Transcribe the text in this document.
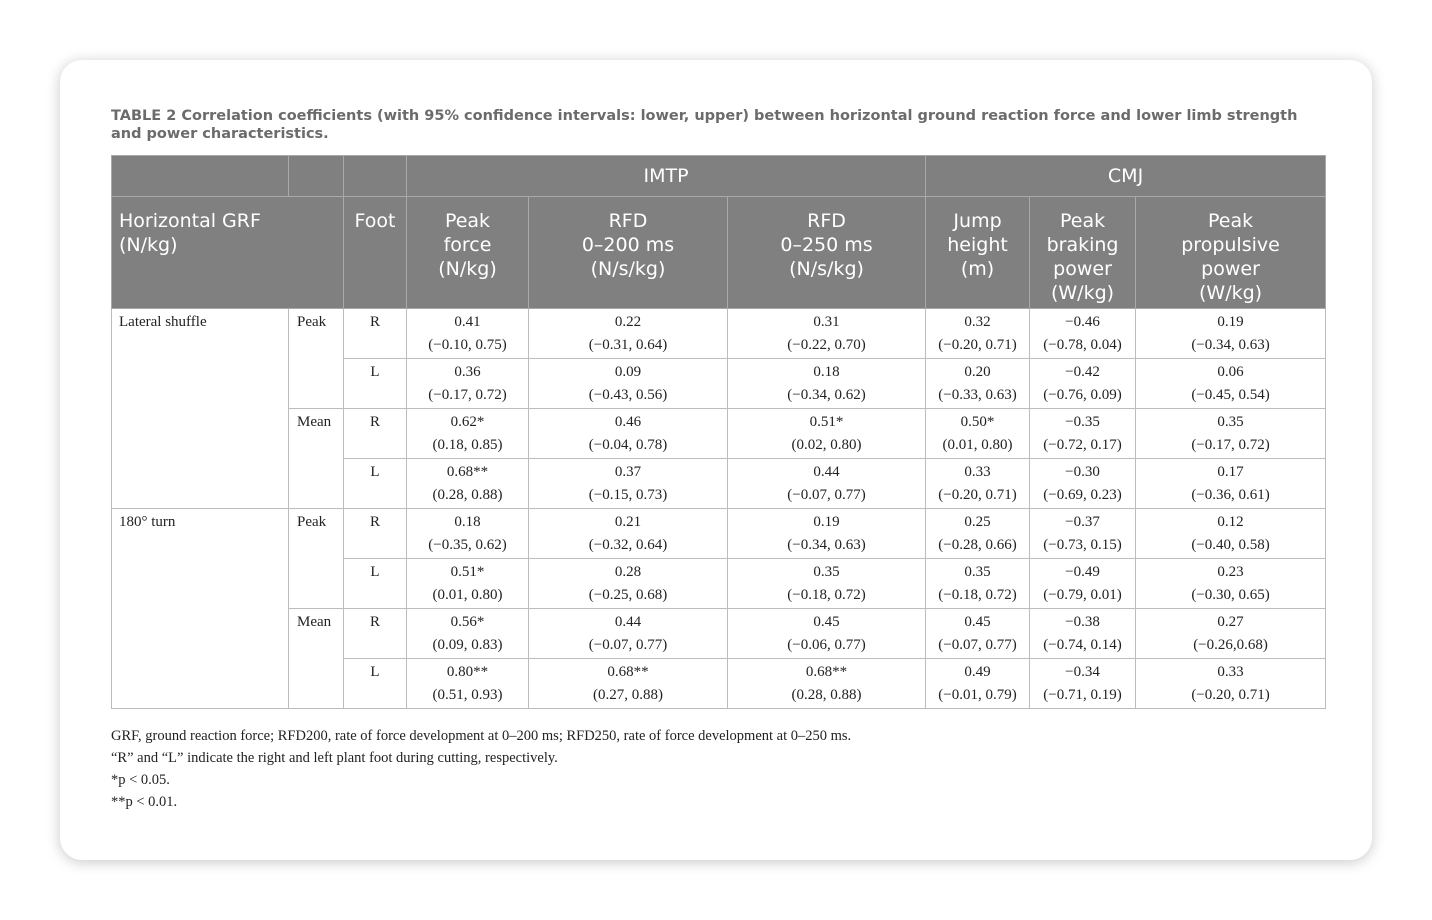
TABLE 2 Correlation coefficients (with 95% confidence intervals: lower, upper) between horizontal ground reaction force and lower limb strength and power characteristics.

			IMTP			CMJ		
Horizontal GRF
(N/kg)		Foot	Peak
force
(N/kg)	RFD
0–200 ms
(N/s/kg)	RFD
0–250 ms
(N/s/kg)	Jump
height
(m)	Peak
braking
power
(W/kg)	Peak
propulsive
power
(W/kg)
Lateral shuffle	Peak	R	0.41
(−0.10, 0.75)	0.22
(−0.31, 0.64)	0.31
(−0.22, 0.70)	0.32
(−0.20, 0.71)	−0.46
(−0.78, 0.04)	0.19
(−0.34, 0.63)

		L	0.36
(−0.17, 0.72)	0.09
(−0.43, 0.56)	0.18
(−0.34, 0.62)	0.20
(−0.33, 0.63)	−0.42
(−0.76, 0.09)	0.06
(−0.45, 0.54)

	Mean	R	0.62*
(0.18, 0.85)	0.46
(−0.04, 0.78)	0.51*
(0.02, 0.80)	0.50*
(0.01, 0.80)	−0.35
(−0.72, 0.17)	0.35
(−0.17, 0.72)

		L	0.68**
(0.28, 0.88)	0.37
(−0.15, 0.73)	0.44
(−0.07, 0.77)	0.33
(−0.20, 0.71)	−0.30
(−0.69, 0.23)	0.17
(−0.36, 0.61)

180° turn	Peak	R	0.18
(−0.35, 0.62)	0.21
(−0.32, 0.64)	0.19
(−0.34, 0.63)	0.25
(−0.28, 0.66)	−0.37
(−0.73, 0.15)	0.12
(−0.40, 0.58)

		L	0.51*
(0.01, 0.80)	0.28
(−0.25, 0.68)	0.35
(−0.18, 0.72)	0.35
(−0.18, 0.72)	−0.49
(−0.79, 0.01)	0.23
(−0.30, 0.65)

	Mean	R	0.56*
(0.09, 0.83)	0.44
(−0.07, 0.77)	0.45
(−0.06, 0.77)	0.45
(−0.07, 0.77)	−0.38
(−0.74, 0.14)	0.27
(−0.26,0.68)

		L	0.80**
(0.51, 0.93)	0.68**
(0.27, 0.88)	0.68**
(0.28, 0.88)	0.49
(−0.01, 0.79)	−0.34
(−0.71, 0.19)	0.33
(−0.20, 0.71)
GRF, ground reaction force; RFD200, rate of force development at 0–200 ms; RFD250, rate of force development at 0–250 ms.
“R” and “L” indicate the right and left plant foot during cutting, respectively.
*p < 0.05.
**p < 0.01.
